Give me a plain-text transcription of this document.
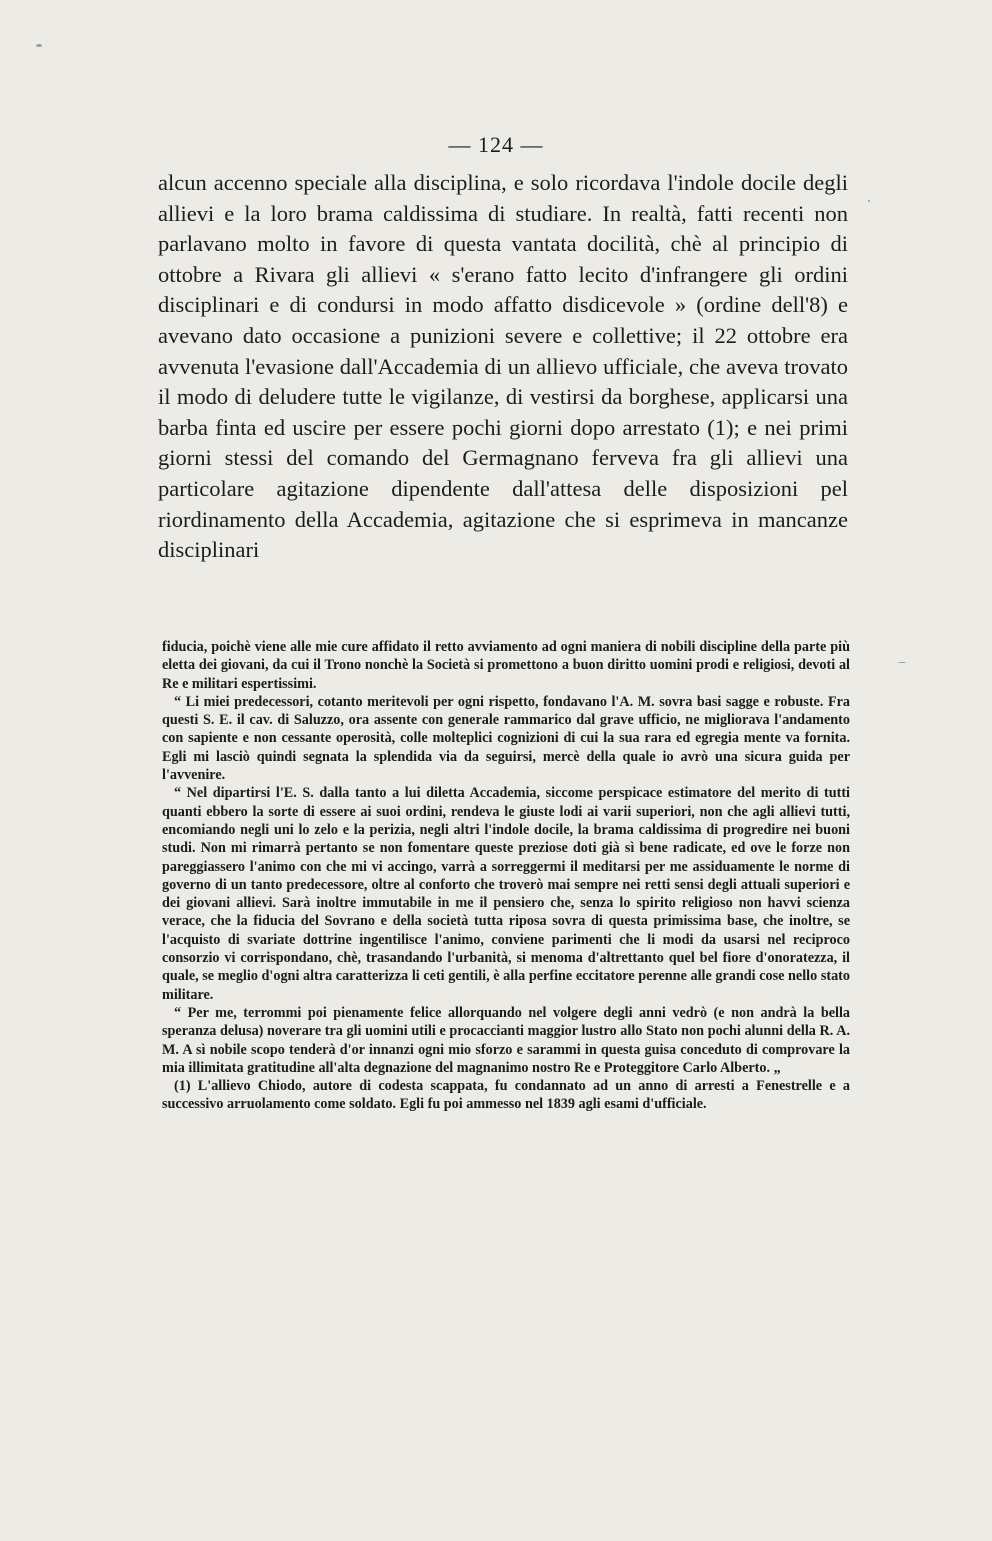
— 124 —

alcun accenno speciale alla disciplina, e solo ricordava l'indole docile degli allievi e la loro brama caldissima di studiare. In realtà, fatti recenti non parlavano molto in favore di questa vantata docilità, chè al principio di ottobre a Rivara gli allievi « s'erano fatto lecito d'infrangere gli ordini disciplinari e di condursi in modo affatto disdicevole » (ordine dell'8) e avevano dato occasione a punizioni severe e collettive; il 22 ottobre era avvenuta l'evasione dall'Accademia di un allievo ufficiale, che aveva trovato il modo di deludere tutte le vigilanze, di vestirsi da borghese, applicarsi una barba finta ed uscire per essere pochi giorni dopo arrestato (1); e nei primi giorni stessi del comando del Germagnano ferveva fra gli allievi una particolare agitazione dipendente dall'attesa delle disposizioni pel riordinamento della Accademia, agitazione che si esprimeva in mancanze disciplinari

fiducia, poichè viene alle mie cure affidato il retto avviamento ad ogni maniera di nobili discipline della parte più eletta dei giovani, da cui il Trono nonchè la Società si promettono a buon diritto uomini prodi e religiosi, devoti al Re e militari espertissimi.

“ Li miei predecessori, cotanto meritevoli per ogni rispetto, fondavano l'A. M. sovra basi sagge e robuste. Fra questi S. E. il cav. di Saluzzo, ora assente con generale rammarico dal grave ufficio, ne migliorava l'andamento con sapiente e non cessante operosità, colle molteplici cognizioni di cui la sua rara ed egregia mente va fornita. Egli mi lasciò quindi segnata la splendida via da seguirsi, mercè della quale io avrò una sicura guida per l'avvenire.

“ Nel dipartirsi l'E. S. dalla tanto a lui diletta Accademia, siccome perspicace estimatore del merito di tutti quanti ebbero la sorte di essere ai suoi ordini, rendeva le giuste lodi ai varii superiori, non che agli allievi tutti, encomiando negli uni lo zelo e la perizia, negli altri l'indole docile, la brama caldissima di progredire nei buoni studi. Non mi rimarrà pertanto se non fomentare queste preziose doti già sì bene radicate, ed ove le forze non pareggiassero l'animo con che mi vi accingo, varrà a sorreggermi il meditarsi per me assiduamente le norme di governo di un tanto predecessore, oltre al conforto che troverò mai sempre nei retti sensi degli attuali superiori e dei giovani allievi. Sarà inoltre immutabile in me il pensiero che, senza lo spirito religioso non havvi scienza verace, che la fiducia del Sovrano e della società tutta riposa sovra di questa primissima base, che inoltre, se l'acquisto di svariate dottrine ingentilisce l'animo, conviene parimenti che li modi da usarsi nel reciproco consorzio vi corrispondano, chè, trasandando l'urbanità, si menoma d'altrettanto quel bel fiore d'onoratezza, il quale, se meglio d'ogni altra caratterizza li ceti gentili, è alla perfine eccitatore perenne alle grandi cose nello stato militare.

“ Per me, terrommi poi pienamente felice allorquando nel volgere degli anni vedrò (e non andrà la bella speranza delusa) noverare tra gli uomini utili e procaccianti maggior lustro allo Stato non pochi alunni della R. A. M. A sì nobile scopo tenderà d'or innanzi ogni mio sforzo e sarammi in questa guisa conceduto di comprovare la mia illimitata gratitudine all'alta degnazione del magnanimo nostro Re e Proteggitore Carlo Alberto. „

(1) L'allievo Chiodo, autore di codesta scappata, fu condannato ad un anno di arresti a Fenestrelle e a successivo arruolamento come soldato. Egli fu poi ammesso nel 1839 agli esami d'ufficiale.
